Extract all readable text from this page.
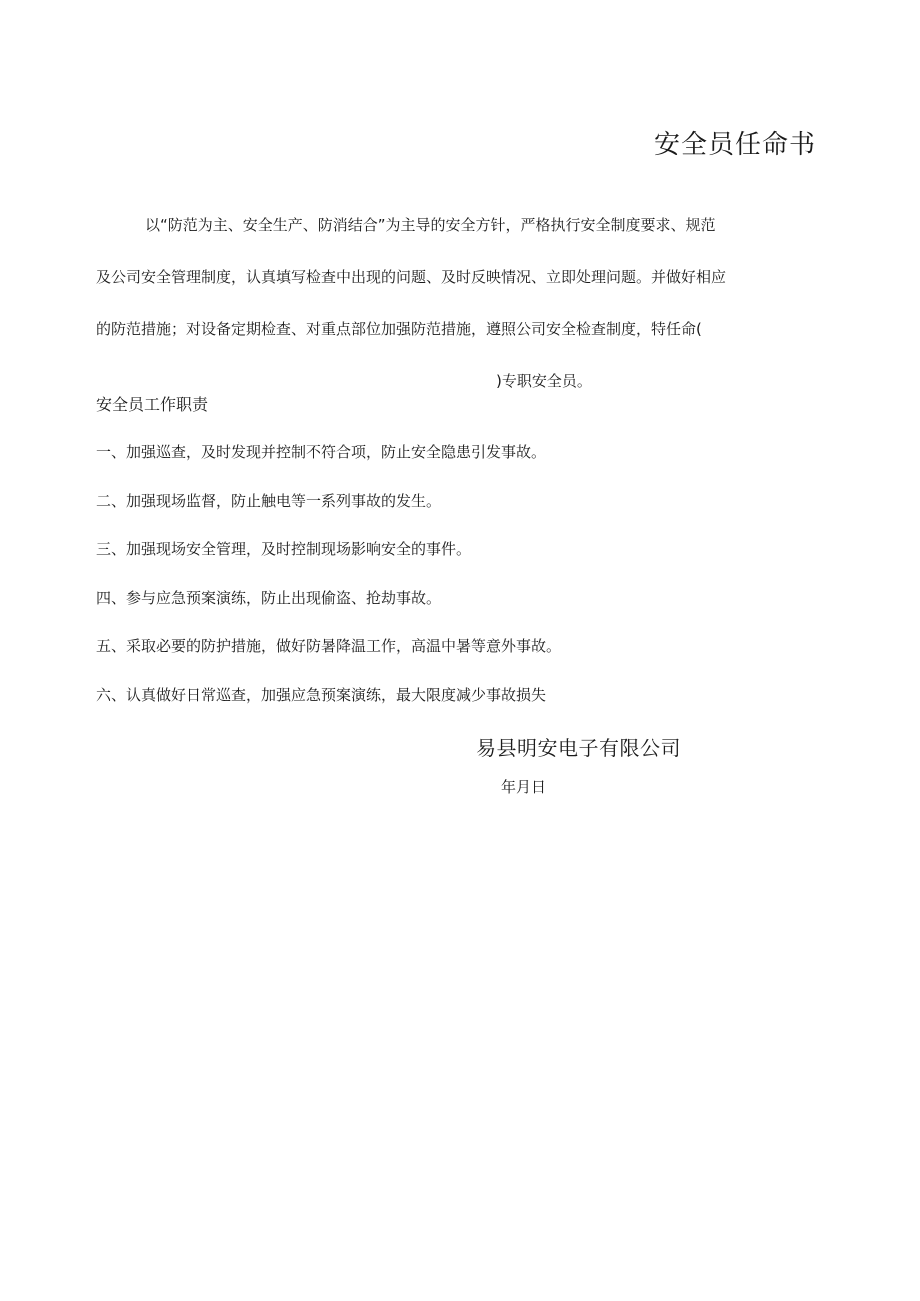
安全员任命书
以“防范为主、安全生产、防消结合”为主导的安全方针，严格执行安全制度要求、规范
及公司安全管理制度，认真填写检查中出现的问题、及时反映情况、立即处理问题。并做好相应
的防范措施；对设备定期检查、对重点部位加强防范措施，遵照公司安全检查制度，特任命(
)专职安全员。
安全员工作职责
一、加强巡查，及时发现并控制不符合项，防止安全隐患引发事故。
二、加强现场监督，防止触电等一系列事故的发生。
三、加强现场安全管理，及时控制现场影响安全的事件。
四、参与应急预案演练，防止出现偷盗、抢劫事故。
五、采取必要的防护措施，做好防暑降温工作，高温中暑等意外事故。
六、认真做好日常巡查，加强应急预案演练，最大限度减少事故损失
易县明安电子有限公司
年月日
